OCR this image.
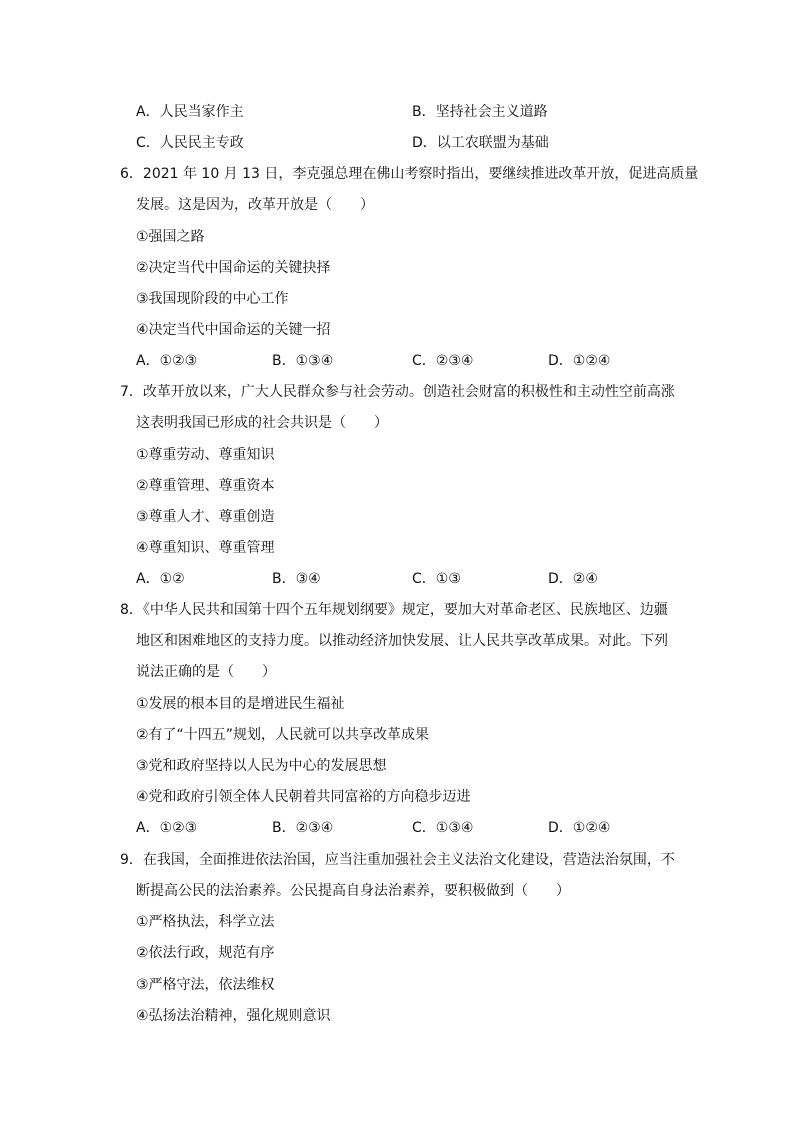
A．人民当家作主	B．坚持社会主义道路
C．人民民主专政	D．以工农联盟为基础
6．2021 年 10 月 13 日，李克强总理在佛山考察时指出，要继续推进改革开放，促进高质量
发展。这是因为，改革开放是（　　）
①强国之路
②决定当代中国命运的关键抉择
③我国现阶段的中心工作
④决定当代中国命运的关键一招
A．①②③	B．①③④	C．②③④	D．①②④
7．改革开放以来，广大人民群众参与社会劳动。创造社会财富的积极性和主动性空前高涨
这表明我国已形成的社会共识是（　　）
①尊重劳动、尊重知识
②尊重管理、尊重资本
③尊重人才、尊重创造
④尊重知识、尊重管理
A．①②	B．③④	C．①③	D．②④
8．《中华人民共和国第十四个五年规划纲要》规定，要加大对革命老区、民族地区、边疆
地区和困难地区的支持力度。以推动经济加快发展、让人民共享改革成果。对此。下列
说法正确的是（　　）
①发展的根本目的是增进民生福祉
②有了“十四五”规划，人民就可以共享改革成果
③党和政府坚持以人民为中心的发展思想
④党和政府引领全体人民朝着共同富裕的方向稳步迈进
A．①②③	B．②③④	C．①③④	D．①②④
9．在我国，全面推进依法治国，应当注重加强社会主义法治文化建设，营造法治氛围，不
断提高公民的法治素养。公民提高自身法治素养，要积极做到（　　）
①严格执法，科学立法
②依法行政，规范有序
③严格守法，依法维权
④弘扬法治精神，强化规则意识
